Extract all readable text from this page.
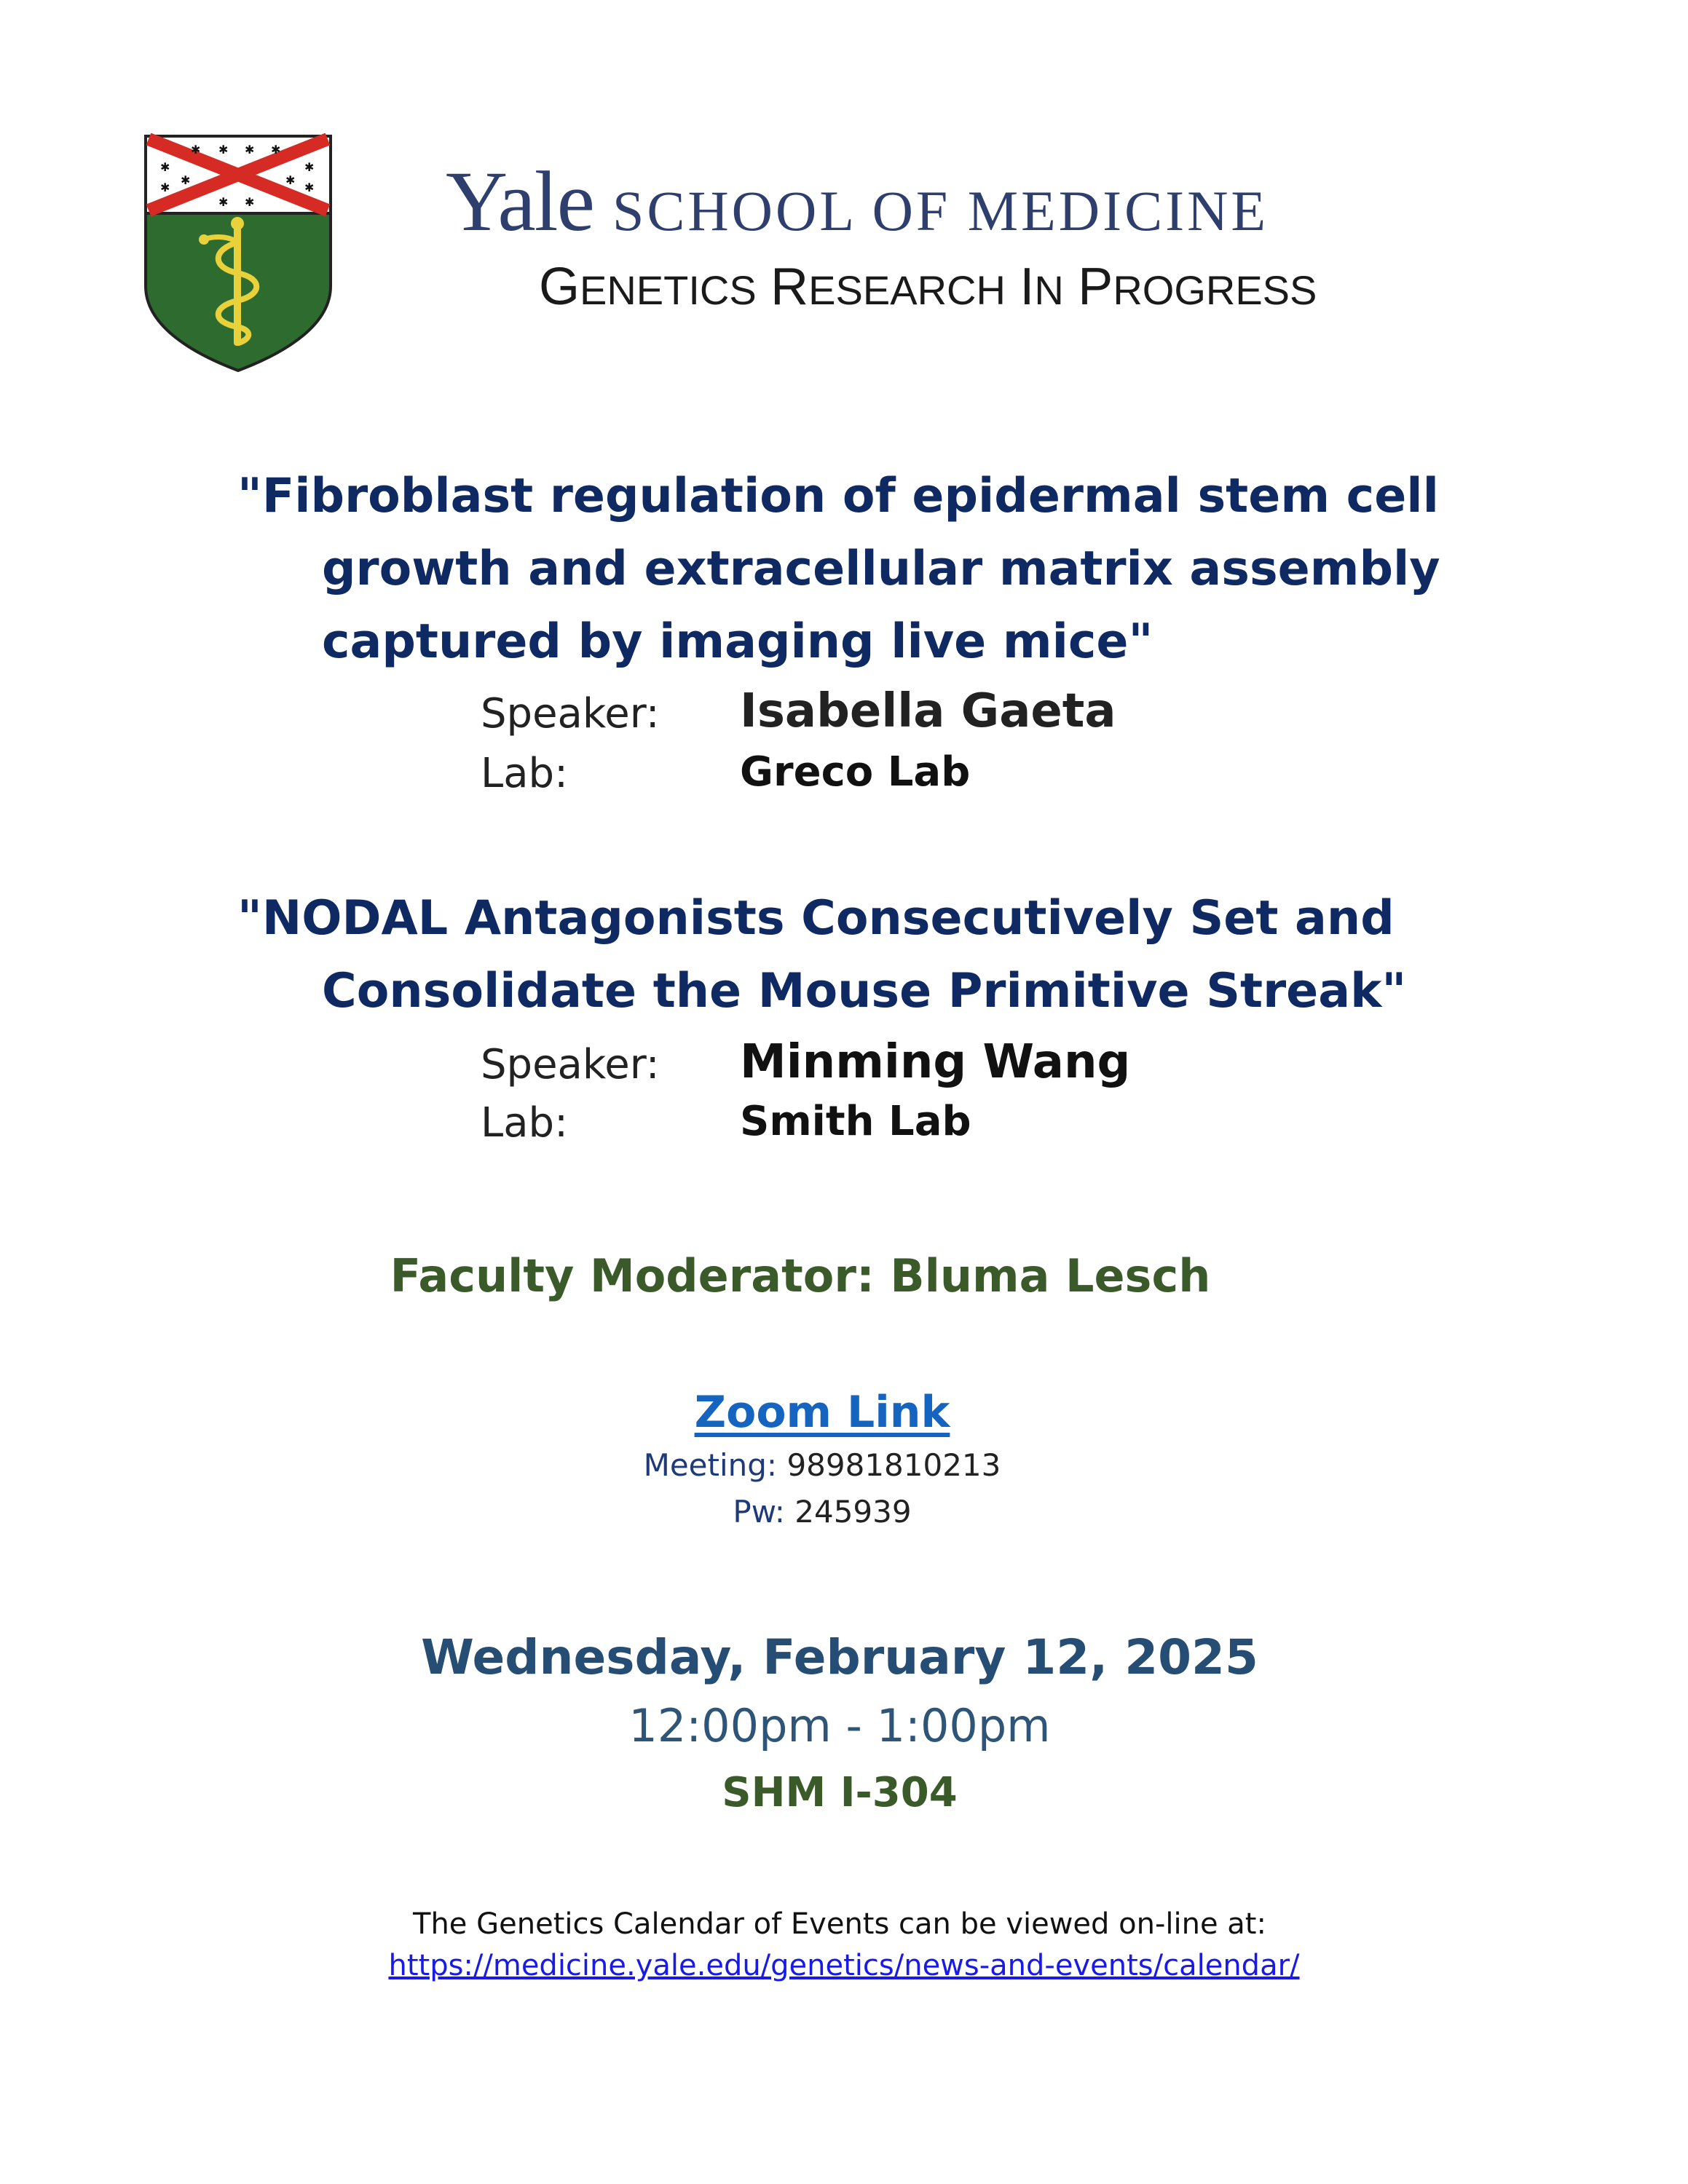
✱ ✱ ✱
✱
✱
✱
✱
✱
✱
✱
✱ ✱ Yale SCHOOL OF MEDICINE
GENETICS RESEARCH IN PROGRESS
"Fibroblast regulation of epidermal stem cell
growth and extracellular matrix assembly
captured by imaging live mice"
Speaker: Isabella Gaeta
Lab:	Greco Lab
"NODAL Antagonists Consecutively Set and
Consolidate the Mouse Primitive Streak"
Speaker: Minming Wang
Lab:	Smith Lab
Faculty Moderator: Bluma Lesch
Zoom Link
Meeting: 98981810213
Pw: 245939
Wednesday, February 12, 2025
12:00pm - 1:00pm
SHM I-304
The Genetics Calendar of Events can be viewed on-line at:
https://medicine.yale.edu/genetics/news-and-events/calendar/
